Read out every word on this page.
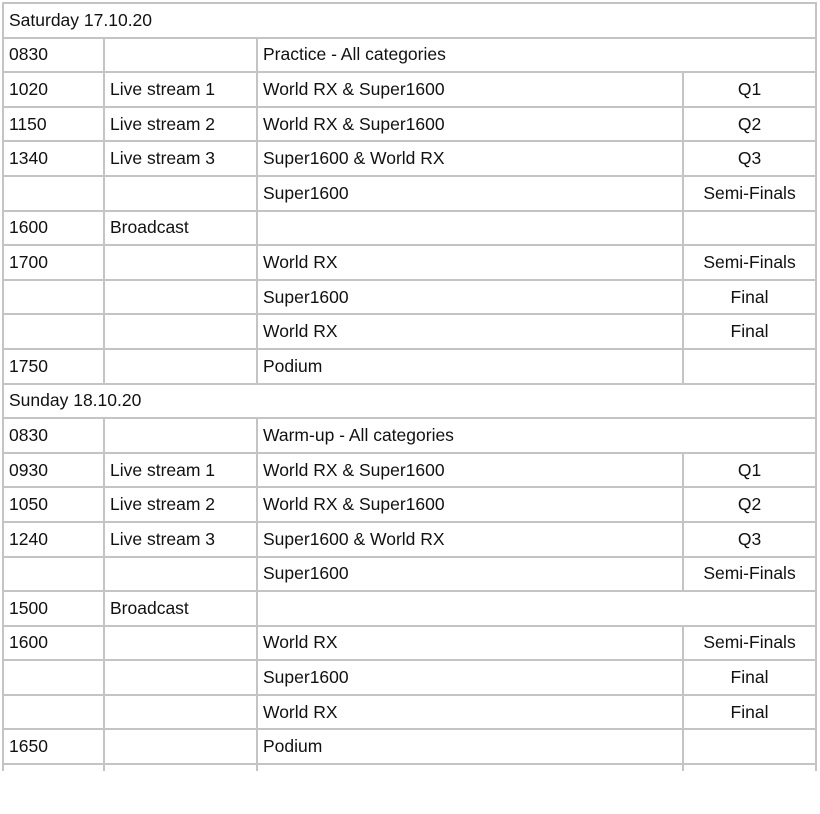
Saturday 17.10.20			
0830		Practice - All categories	
1020	Live stream 1	World RX & Super1600	Q1
1150	Live stream 2	World RX & Super1600	Q2
1340	Live stream 3	Super1600 & World RX	Q3
		Super1600	Semi-Finals
1600	Broadcast		
1700		World RX	Semi-Finals
		Super1600	Final
		World RX	Final
1750		Podium	
Sunday 18.10.20			
0830		Warm-up - All categories	
0930	Live stream 1	World RX & Super1600	Q1
1050	Live stream 2	World RX & Super1600	Q2
1240	Live stream 3	Super1600 & World RX	Q3
		Super1600	Semi-Finals
1500	Broadcast		
1600		World RX	Semi-Finals
		Super1600	Final
		World RX	Final
1650		Podium	
